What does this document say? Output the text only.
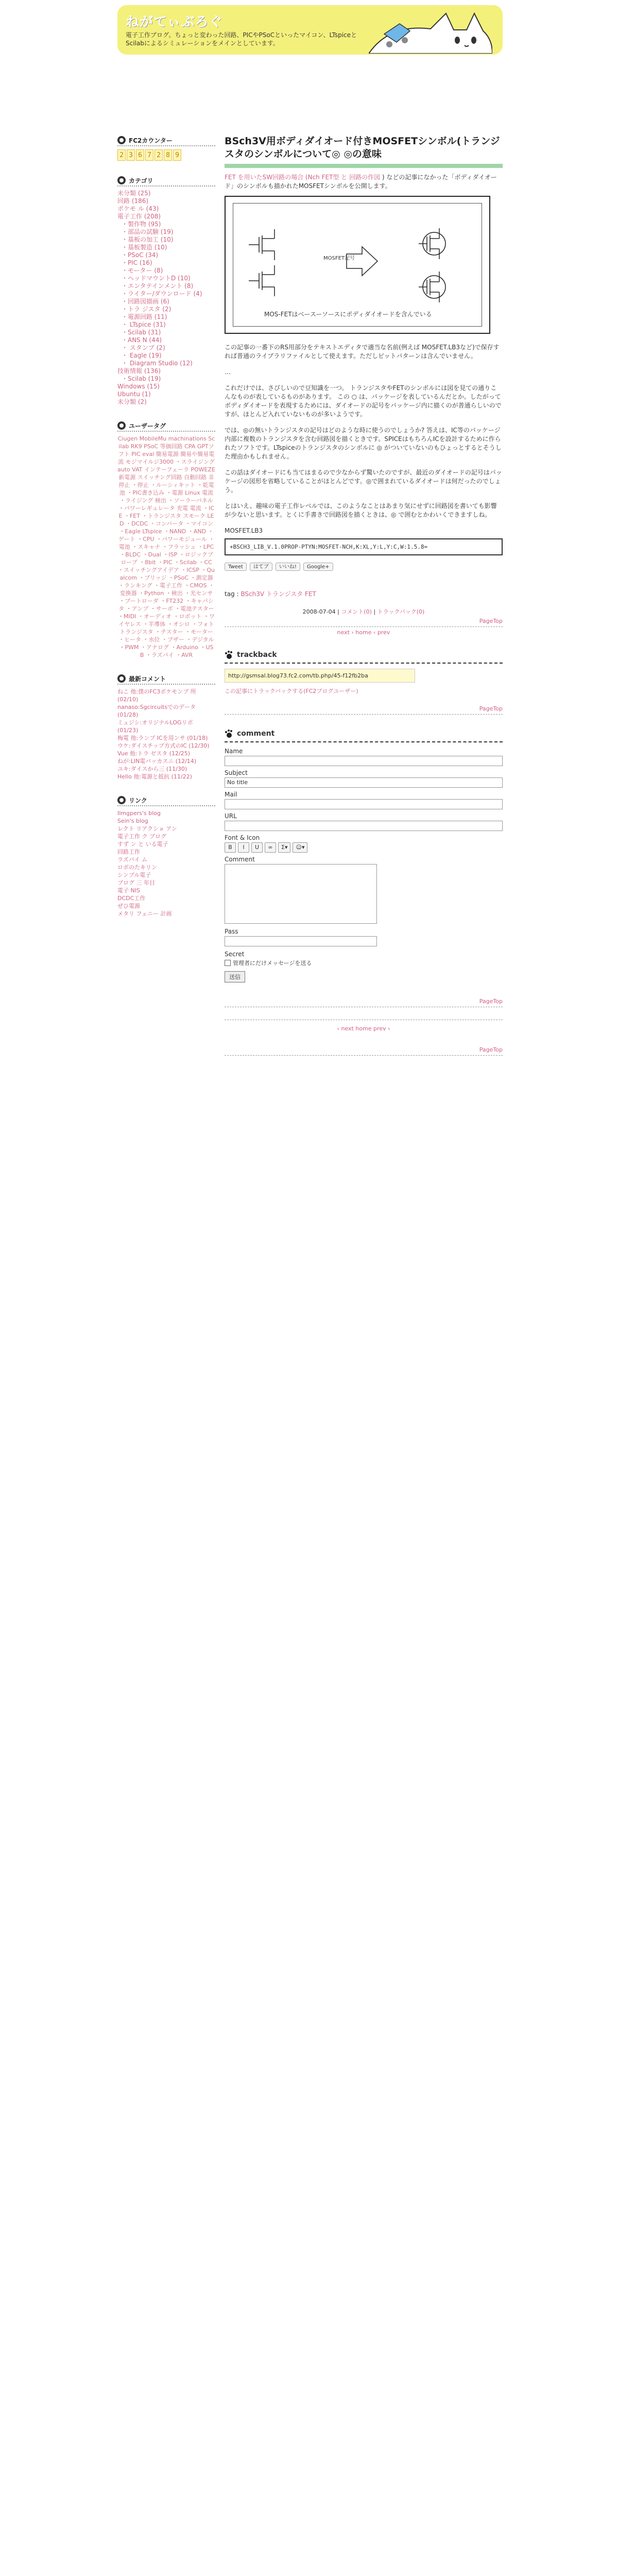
ねがてぃぶろぐ
電子工作ブログ。ちょっと変わった回路、PICやPSoCといったマイコン、LTspiceとScilabによるシミュレーションをメインとしています。
FC2カウンター
2 3 6 7 2 8 9
カテゴリ
未分類 (25)
回路 (186)
ポケモ ル (43)
電子工作 (208)
・製作物 (95)
・部品の試験 (19)
・基板の加工 (10)
・基板製造 (10)
・PSoC (34)
・PIC (16)
・モーター (8)
・ヘッドマウントD (10)
・エンタテインメント (8)
・ライター/ダウンロード (4)
・回路図描画 (6)
・トラ ジスタ (2)
・電源回路 (11)
・ LTspice (31)
・Scilab (31)
・ANS N (44)
・ スタンプ (2)
・ Eagle (19)
・ Diagram Studio (12)
技術情報 (136)
・Scilab (19)
Windows (15)
Ubuntu (1)
未分類 (2)
ユーザータグ
Ciugen MobileMu machinations Scilab RK9 PSoC 等価回路 CPA GPTソフト PIC eval 簡易電源 簡易や簡易電流 モジマイルジ3000 ・スライジング auto VAT インテーフェーラ POWEZE 新電源 スイッチング回路 自動回路 非停止 ・停止 ・ルーシィキット ・乾電池 ・PIC書き込み ・電源 Linux 電流 ・ライジング 検出 ・ソーラーパネル ・パワーレギュレータ 充電 電流 ・ICE ・FET ・トランジスタ スモーク LED ・DCDC ・コンバータ ・マイコン ・Eagle LTspice ・NAND ・AND ・ゲート ・CPU ・パワーモジュール ・電池 ・スキャナ ・フラッシュ ・LPC ・BLDC ・Dual ・ISP ・ロジックプローブ ・8bit ・PIC ・Scilab ・CC ・スイッチングアイデア ・ICSP ・Qualcom ・ブリッジ ・PSoC ・測定器 ・ランキング ・電子工作 ・CMOS ・変換器 ・Python ・検出 ・光センサ ・ブートローダ ・FT232 ・キャパシタ ・アンプ ・サーボ ・電池テスター ・MIDI ・オーディオ ・ロボット ・ワイヤレス ・半導体 ・オシロ ・フォトトランジスタ ・テスター ・モーター ・ヒータ ・水位 ・ブザー ・デジタル ・PWM ・アナログ ・Arduino ・USB ・ラズパイ ・AVR
最新コメント
ねこ 他:僕のFC3ポケモンブ 所 (02/10)
nanaso:Sgcircuitsでのデータ (01/28)
ミュジシ:オリジナルLOGリポ (01/23)
梅電 他:ランプ ICを用ンサ (01/18)
ウケ:ダイスチップ方式のIC (12/30)
Vue 他:トラ ゼスタ (12/25)
ねが:LIN電バッカスニ (12/14)
ユキ:ダイスから三 (11/30)
Hello 他:電源と抵抗 (11/22)
リンク
Ilmgpers's blog
Sein's blog
レクト リアクショ アン
電子工作 ク ブログ
すず ン と いる電子
回路工作
ラズパイ ム
ロボのたキリン
シンプル電子
ブログ 三 年目
電子 NIS
DCDC工作
ぜひ電源
メタリ フェニー 計画
BSch3V用ボディダイオード付きMOSFETシンボル(トランジスタのシンボルについて◎ ◎の意味
FET を用いたSW回路の場合 (Nch FET型 と 回路の作図 ) などの記事になかった「ボディダイオード」のシンボルも描かれたMOSFETシンボルを公開します。
MOS-FETはベースーソースにボディダイオードを含んでいる
MOSFET記号
この記事の一番下のRS用部分をテキストエディタで適当な名前(例えば MOSFET.LB3など)で保存すれば普通のライブラリファイルとして使えます。ただしピットパターンは含んでいません。
…
これだけでは、さびしいので豆知識を一つ。 トランジスタやFETのシンボルには図を見ての通りこんなものが表しているものがあります。 この ○ は、パッケージを表しているんだとか。したがってボディダイオードを表現するためには、ダイオードの記号をパッケージ内に描くのが普通らしいのですが、ほとんど入れていないものが多いようです。
では、◎の無いトランジスタの記号はどのような時に使うのでしょうか? 答えは、IC等のパッケージ内部に複数のトランジスタを含む回路図を描くときです。SPICEはもちろんICを設計するために作られたソフトです。LTspiceのトランジスタのシンボルに ◎ がついていないのもひょっとするとそうした理由かもしれません。
この話はダイオードにも当てはまるので少なからず驚いたのですが、最近のダイオードの記号はパッケージの図形を省略していることがほとんどです。◎で囲まれているダイオードは何だったのでしょう。
とはいえ、趣味の電子工作レベルでは、このようなことはあまり気にせずに回路図を書いても影響が少ないと思います。とくに手書きで回路図を描くときは、◎ で囲むとかわいくできますしね。
MOSFET.LB3
+BSCH3_LIB_V.1.0PROP-PTYN:MOSFET-NCH,K:XL,Y:L,Y:C,W:1.5.8=
Tweet	はてブ	いいね!	Google+
tag : BSch3V トランジスタ FET
2008-07-04 | コメント(0) | トラックバック(0)
PageTop
next › home ‹ prev
trackback
http://gsmsal.blog73.fc2.com/tb.php/45-f12fb2ba
この記事にトラックバックする(FC2ブログユーザー)
PageTop
comment
Name
Subject
No title
Mail
URL
Font & Icon
B	I	U	∞	Σ▾	☺▾
Comment
Pass
Secret
管理者にだけメッセージを送る
送信
PageTop
‹ next home prev ›
PageTop
